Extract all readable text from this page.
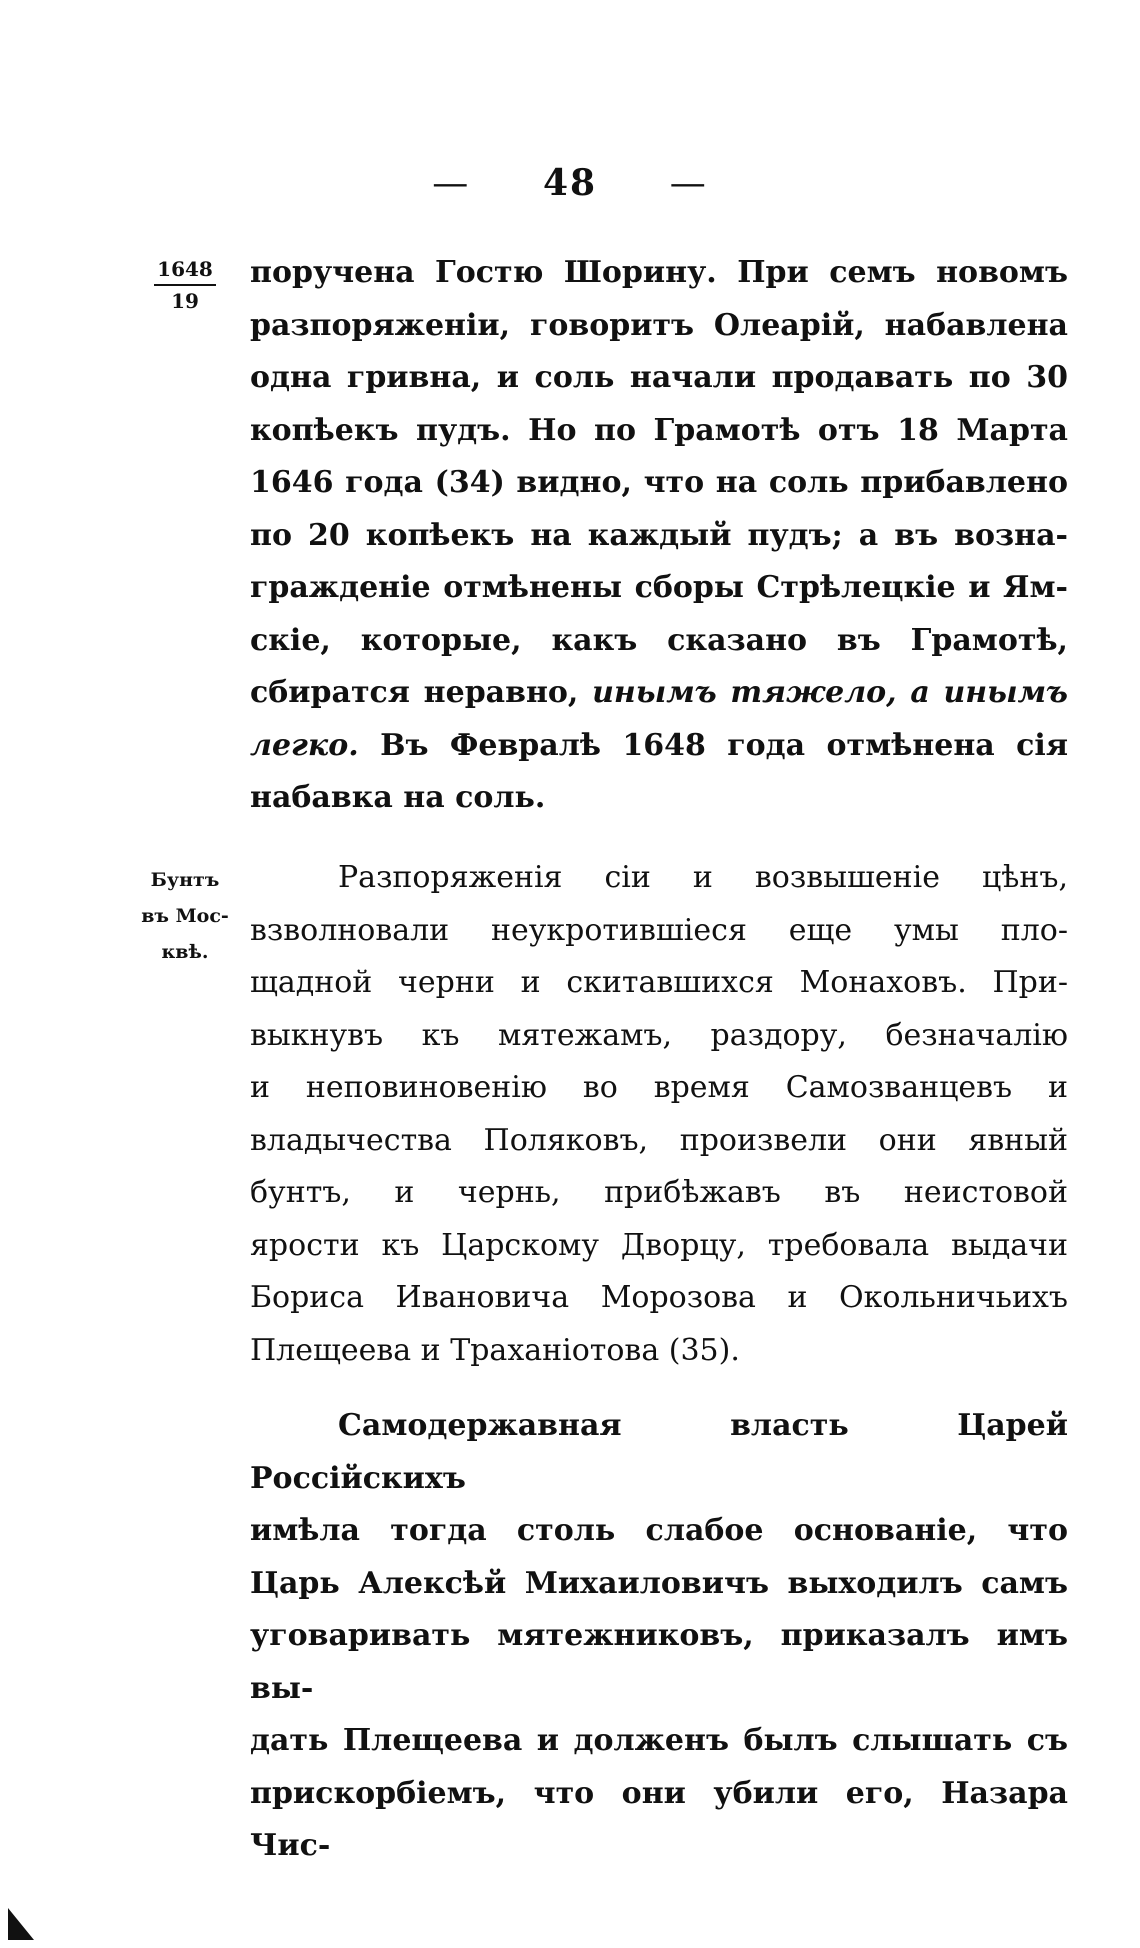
— 48 —
1648
19
Бунтъ
въ Мос-
квѣ.

поручена Гостю Шорину. При семъ новомъ

разпоряженіи, говоритъ Олеарій, набавлена

одна гривна, и соль начали продавать по 30

копѣекъ пудъ. Но по Грамотѣ отъ 18 Марта

1646 года (34) видно, что на соль прибавлено

по 20 копѣекъ на каждый пудъ; а въ возна-

гражденіе отмѣнены сборы Стрѣлецкіе и Ям-

скіе, которые, какъ сказано въ Грамотѣ,

сбиратся неравно, инымъ тяжело, а инымъ

легко. Въ Февралѣ 1648 года отмѣнена сія

набавка на соль.

Разпоряженія сіи и возвышеніе цѣнъ,

взволновали неукротившіеся еще умы пло-

щадной черни и скитавшихся Монаховъ. При-

выкнувъ къ мятежамъ, раздору, безначалію

и неповиновенію во время Самозванцевъ и

владычества Поляковъ, произвели они явный

бунтъ, и чернь, прибѣжавъ въ неистовой

ярости къ Царскому Дворцу, требовала выдачи

Бориса Ивановича Морозова и Окольничьихъ

Плещеева и Траханіотова (35).

Самодержавная власть Царей Россійскихъ

имѣла тогда столь слабое основаніе, что

Царь Алексѣй Михаиловичъ выходилъ самъ

уговаривать мятежниковъ, приказалъ имъ вы-

дать Плещеева и долженъ былъ слышать съ

прискорбіемъ, что они убили его, Назара Чис-
